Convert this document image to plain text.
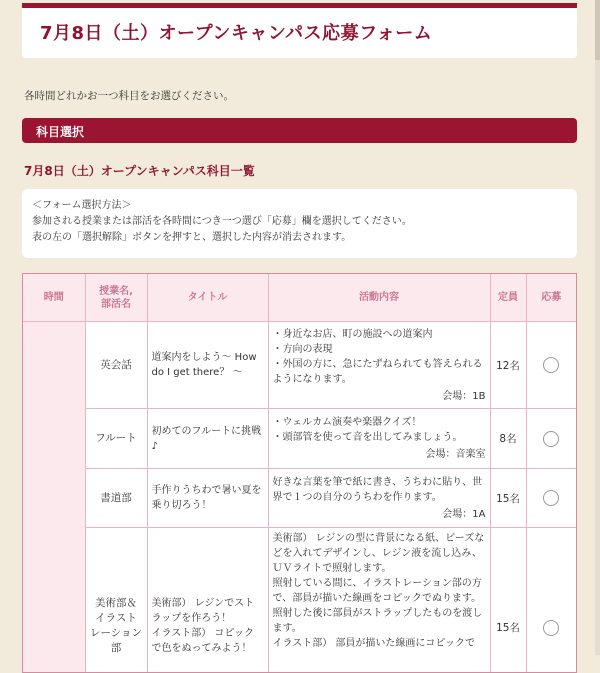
7月8日（土）オープンキャンパス応募フォーム
各時間どれかお一つ科目をお選びください。
科目選択
7月8日（土）オープンキャンパス科目一覧
＜フォーム選択方法＞
参加される授業または部活を各時間につき一つ選び「応募」欄を選択してください。
表の左の「選択解除」ボタンを押すと、選択した内容が消去されます。
時間	授業名,
部活名	タイトル	活動内容	定員	応募
	英会話	道案内をしよう～ How do I get there？ ～	・身近なお店、町の施設への道案内
・方向の表現
・外国の方に、急にたずねられても答えられるようになります。
会場：1B	12名	
	フルート	初めてのフルートに挑戦♪	・ウェルカム演奏や楽器クイズ！
・頭部管を使って音を出してみましょう。
会場：音楽室	8名	
	書道部	手作りうちわで暑い夏を乗り切ろう！	好きな言葉を筆で紙に書き、うちわに貼り、世界で１つの自分のうちわを作ります。
会場：1A	15名	

	美術部＆
イラスト
レーション
部	美術部） レジンでストラップを作ろう！
イラスト部） コピックで色をぬってみよう！	美術部） レジンの型に背景になる紙、ビーズなどを入れてデザインし、レジン液を流し込み、ＵＶライトで照射します。
照射している間に、イラストレーション部の方で、部員が描いた線画をコピックでぬります。照射した後に部員がストラップしたものを渡します。
イラスト部） 部員が描いた線画にコピックで	15名	
